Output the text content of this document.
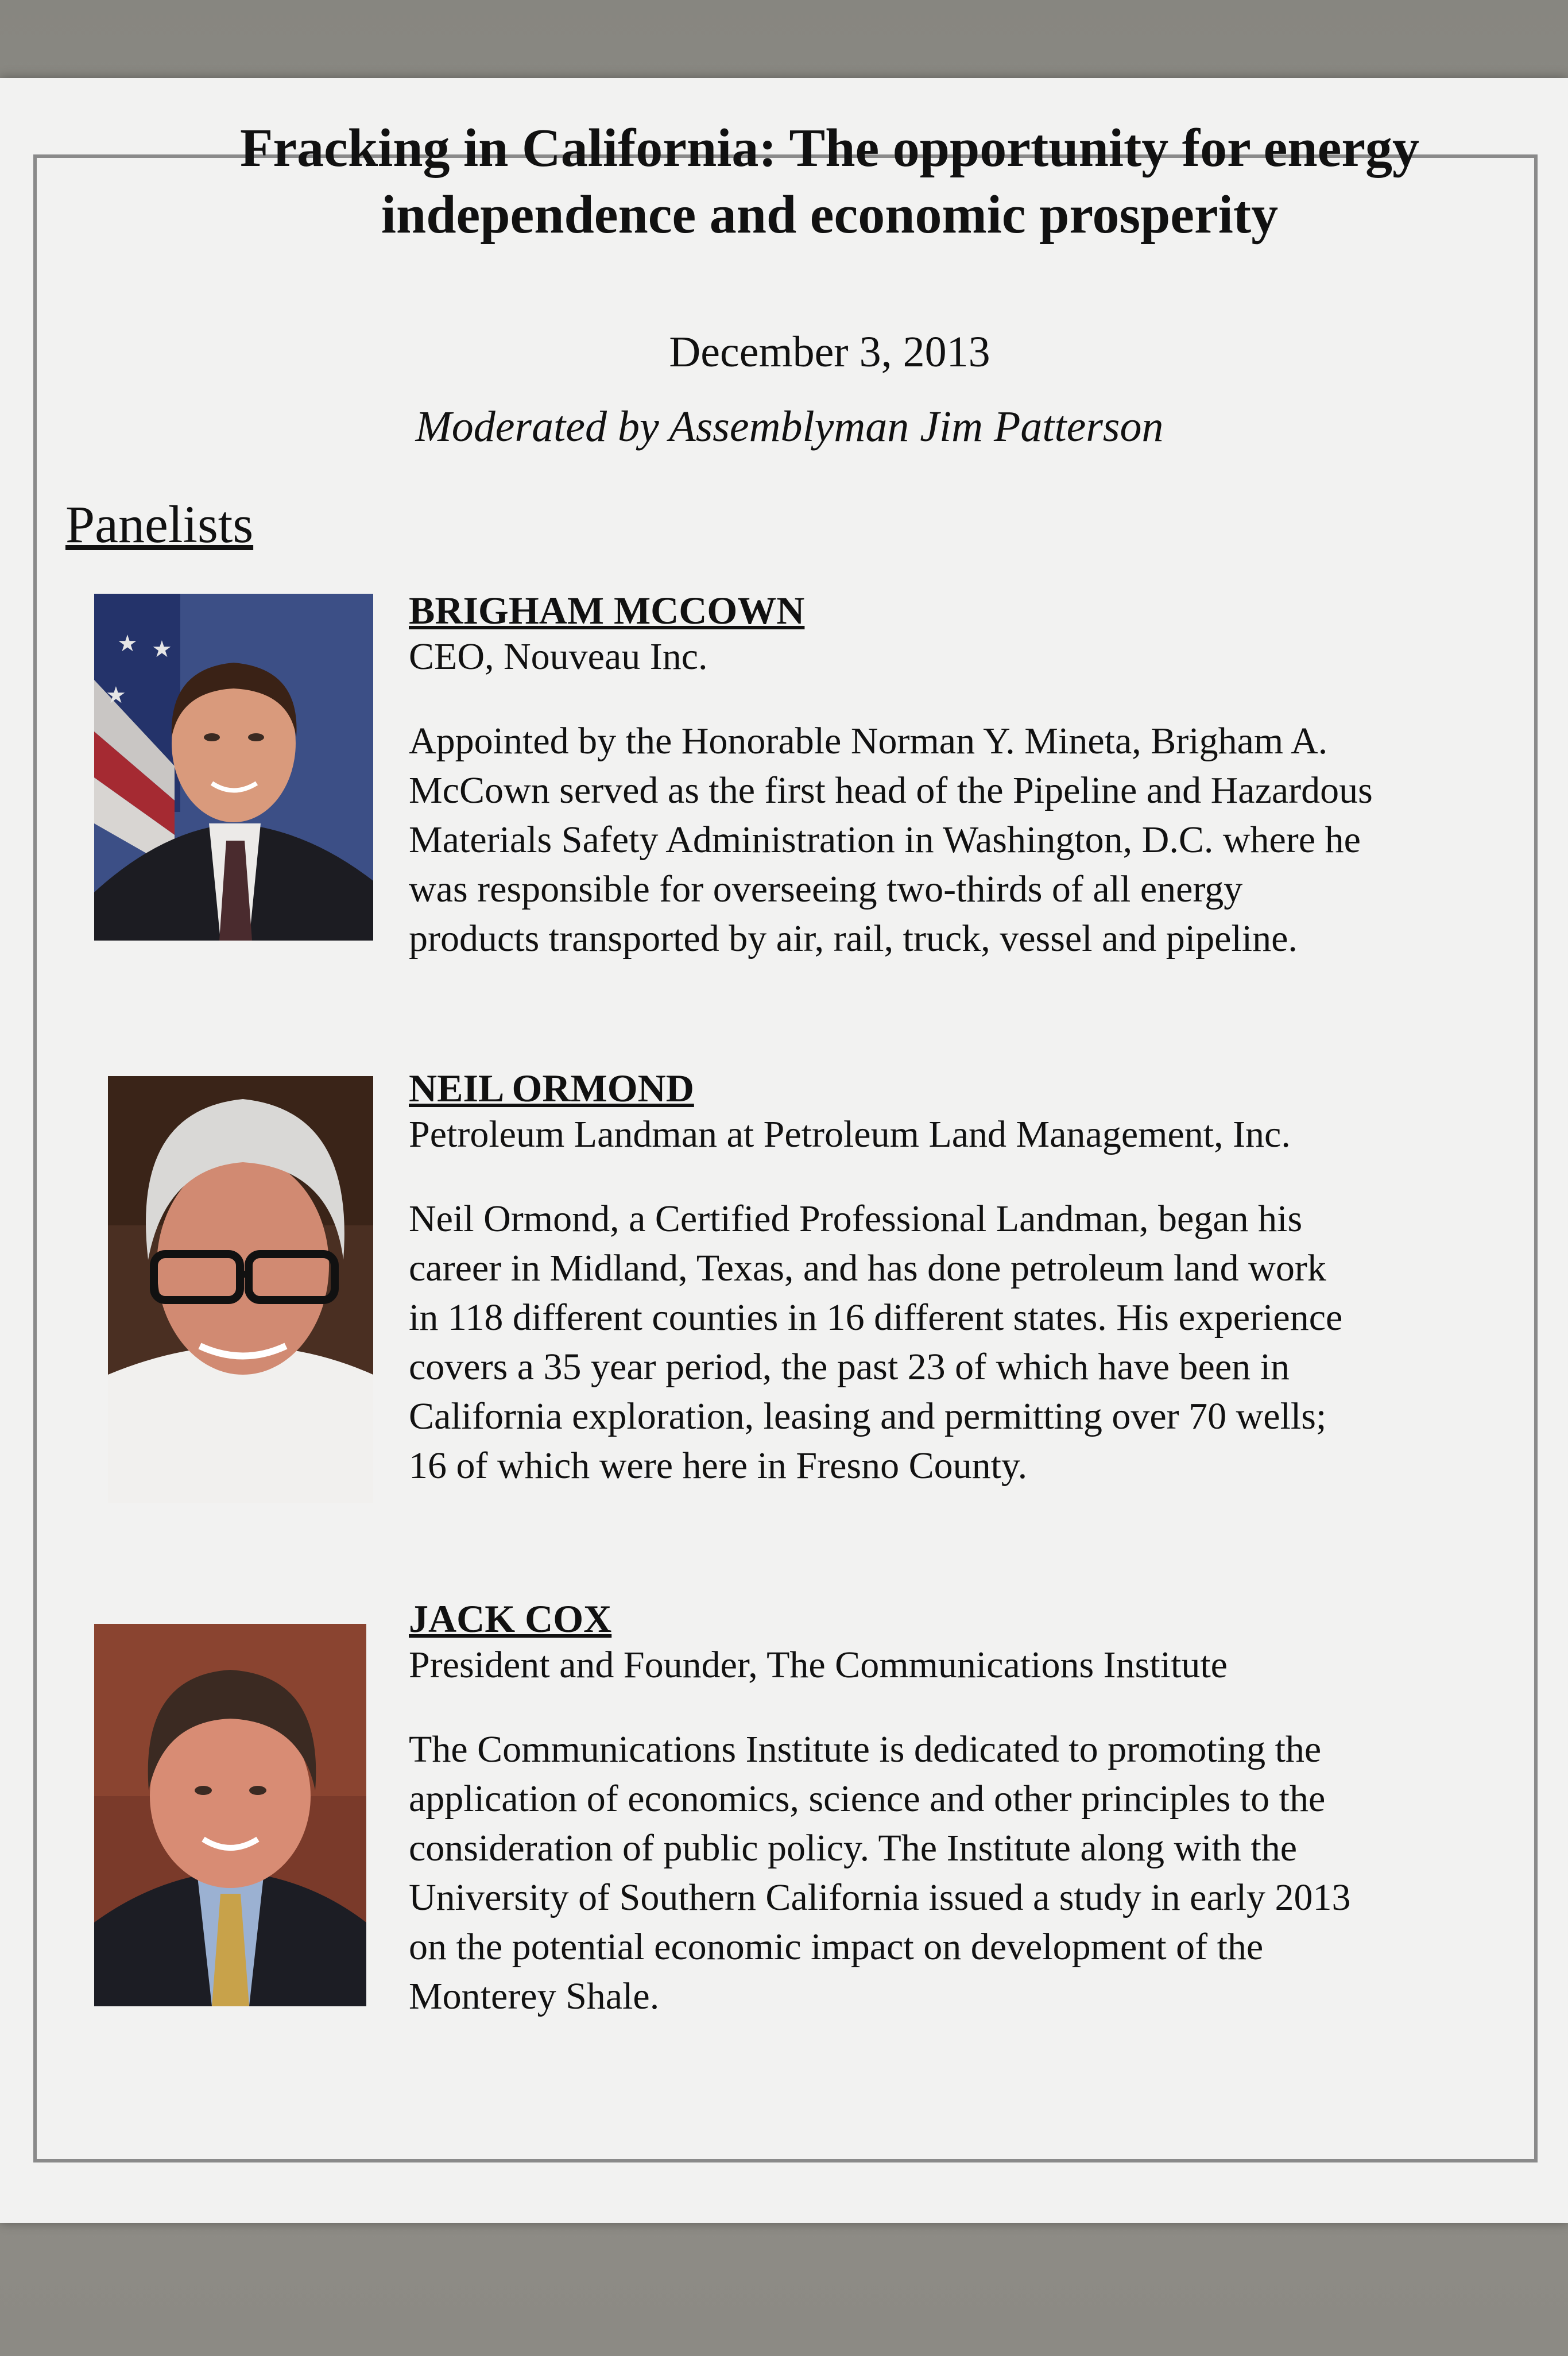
Fracking in California: The opportunity for energy
independence and economic prosperity
December 3, 2013
Moderated by Assemblyman Jim Patterson
Panelists
★ ★
★
BRIGHAM MCCOWN
CEO, Nouveau Inc.
Appointed by the Honorable Norman Y. Mineta, Brigham A.
McCown served as the first head of the Pipeline and Hazardous
Materials Safety Administration in Washington, D.C. where he
was responsible for overseeing two-thirds of all energy
products transported by air, rail, truck, vessel and pipeline.
NEIL ORMOND
Petroleum Landman at Petroleum Land Management, Inc.
Neil Ormond, a Certified Professional Landman, began his
career in Midland, Texas, and has done petroleum land work
in 118 different counties in 16 different states. His experience
covers a 35 year period, the past 23 of which have been in
California exploration, leasing and permitting over 70 wells;
16 of which were here in Fresno County.
JACK COX
President and Founder, The Communications Institute
The Communications Institute is dedicated to promoting the
application of economics, science and other principles to the
consideration of public policy. The Institute along with the
University of Southern California issued a study in early 2013
on the potential economic impact on development of the
Monterey Shale.
